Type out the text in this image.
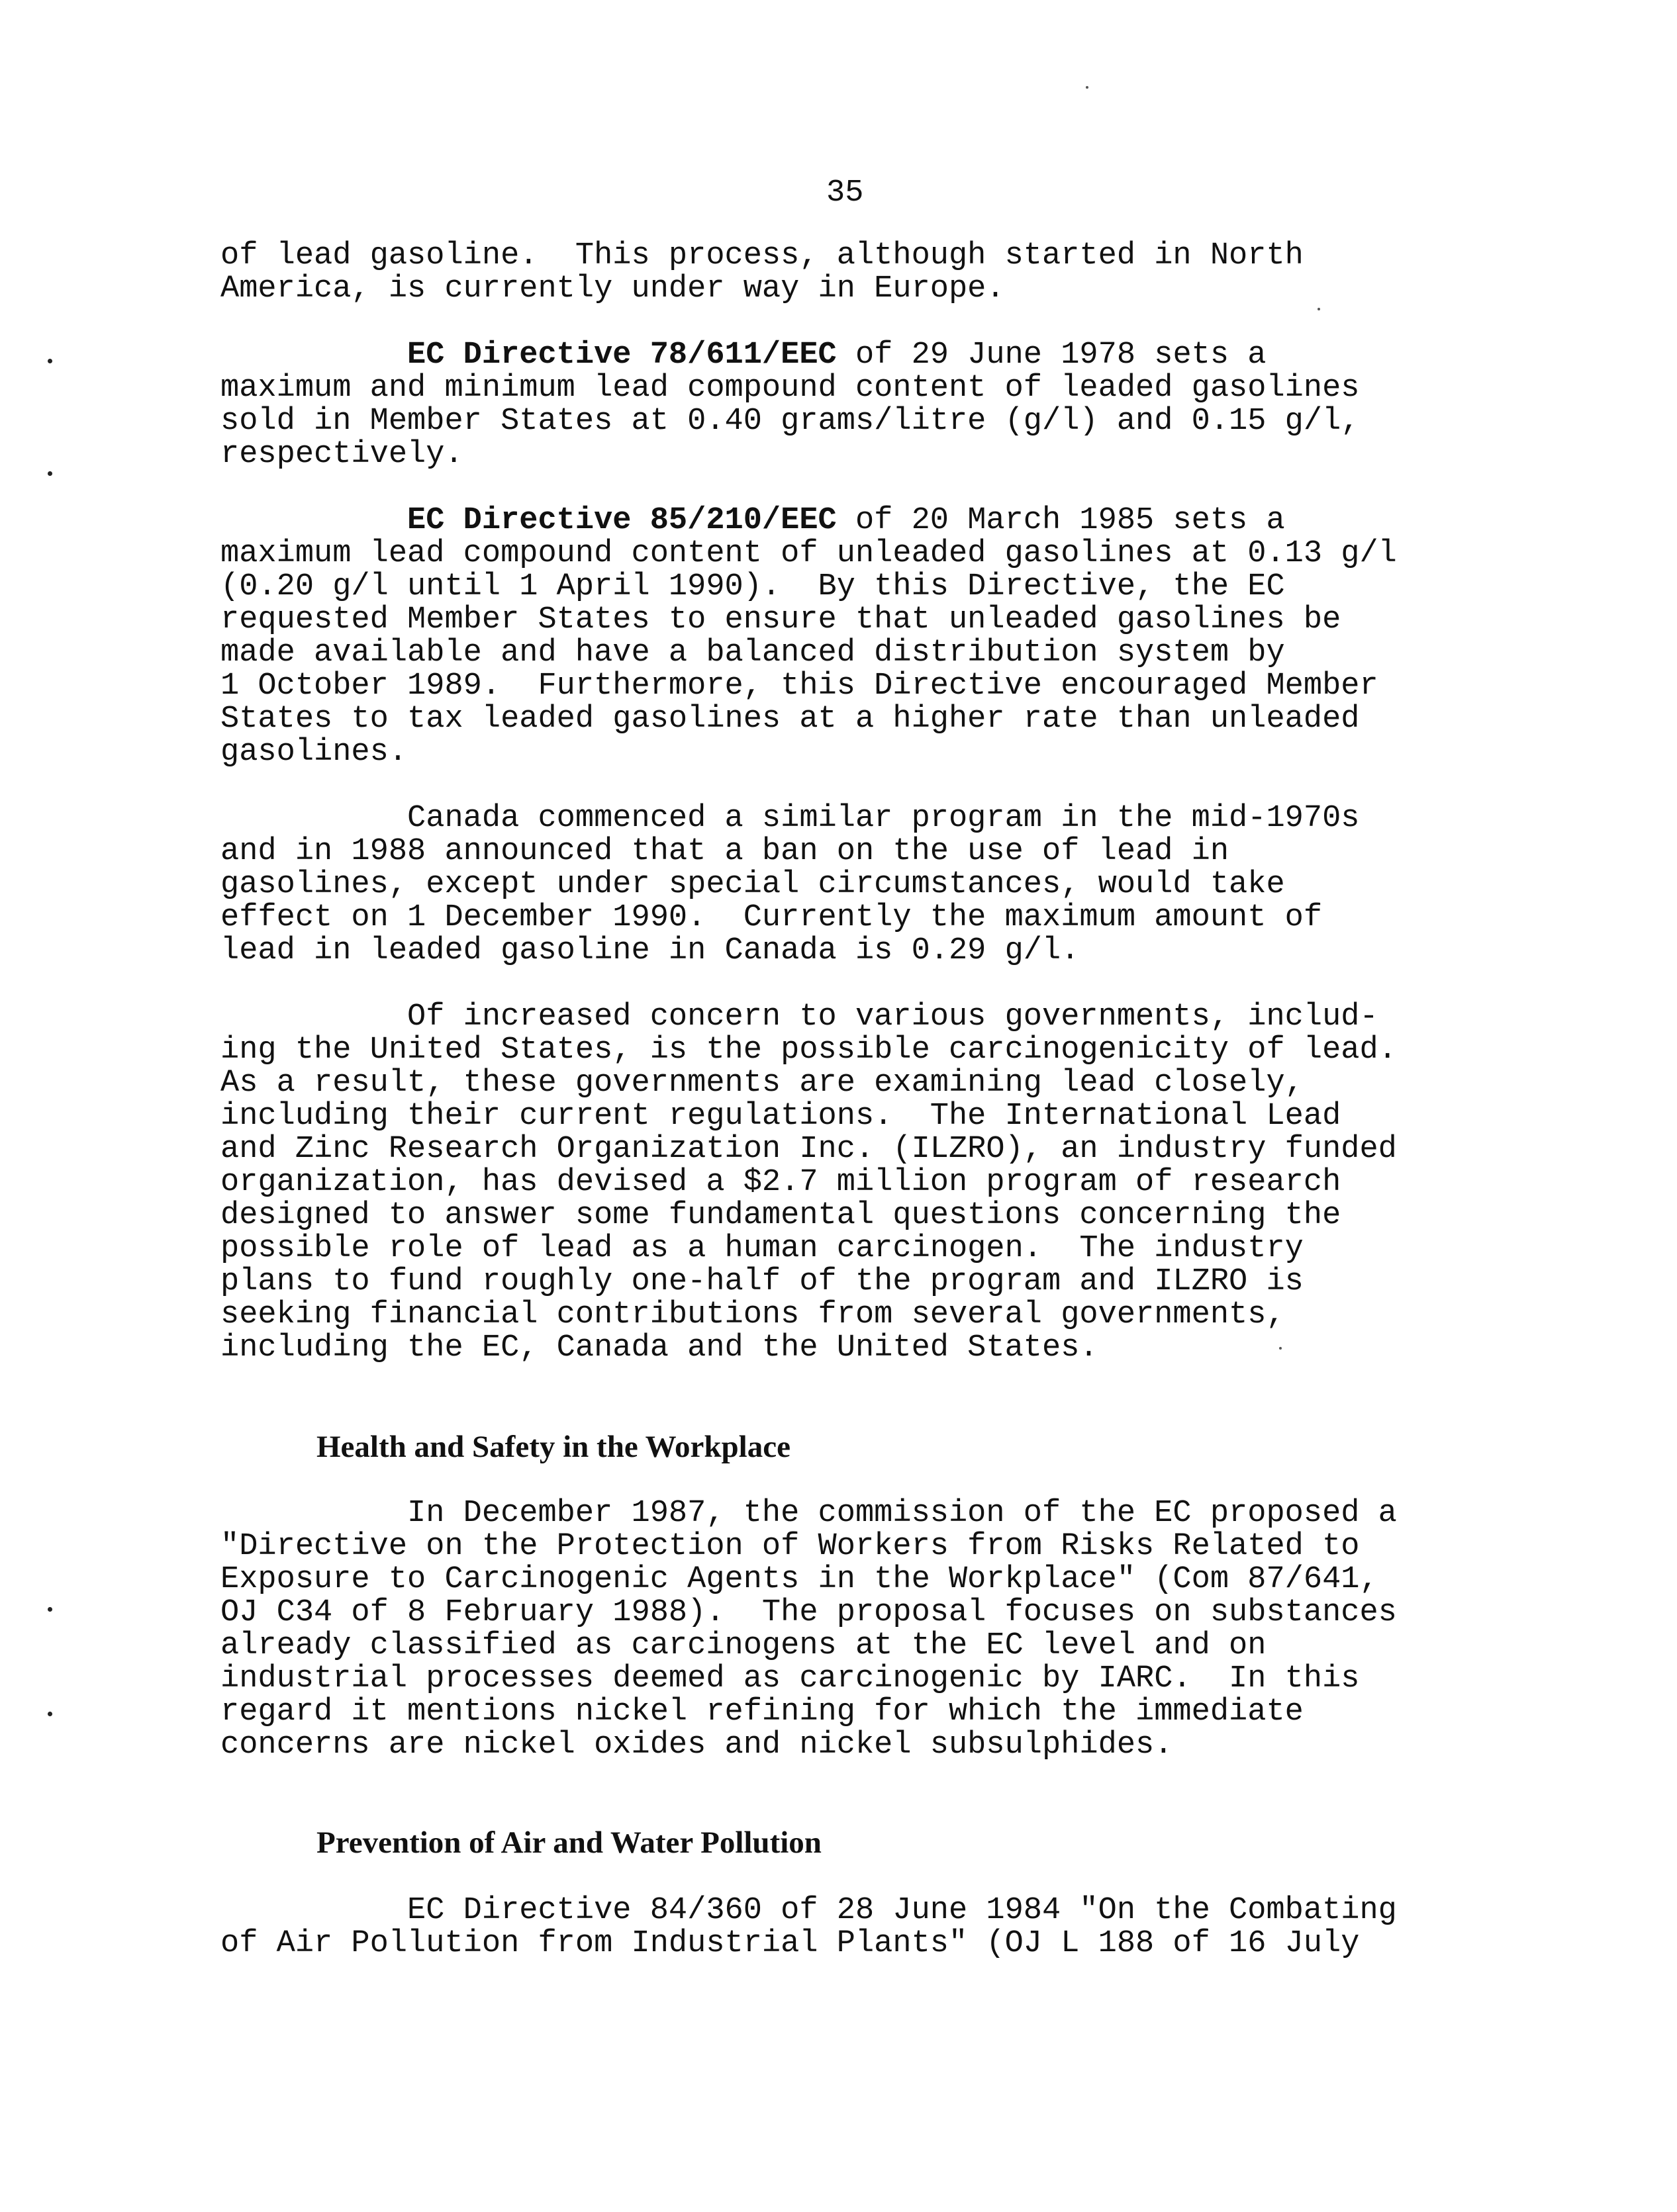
35
of lead gasoline.  This process, although started in North
America, is currently under way in Europe.
EC Directive 78/611/EEC of 29 June 1978 sets a
maximum and minimum lead compound content of leaded gasolines
sold in Member States at 0.40 grams/litre (g/l) and 0.15 g/l,
respectively.
EC Directive 85/210/EEC of 20 March 1985 sets a
maximum lead compound content of unleaded gasolines at 0.13 g/l
(0.20 g/l until 1 April 1990).  By this Directive, the EC
requested Member States to ensure that unleaded gasolines be
made available and have a balanced distribution system by
1 October 1989.  Furthermore, this Directive encouraged Member
States to tax leaded gasolines at a higher rate than unleaded
gasolines.
Canada commenced a similar program in the mid-1970s
and in 1988 announced that a ban on the use of lead in
gasolines, except under special circumstances, would take
effect on 1 December 1990.  Currently the maximum amount of
lead in leaded gasoline in Canada is 0.29 g/l.
Of increased concern to various governments, includ-
ing the United States, is the possible carcinogenicity of lead.
As a result, these governments are examining lead closely,
including their current regulations.  The International Lead
and Zinc Research Organization Inc. (ILZRO), an industry funded
organization, has devised a $2.7 million program of research
designed to answer some fundamental questions concerning the
possible role of lead as a human carcinogen.  The industry
plans to fund roughly one-half of the program and ILZRO is
seeking financial contributions from several governments,
including the EC, Canada and the United States.
Health and Safety in the Workplace
In December 1987, the commission of the EC proposed a
"Directive on the Protection of Workers from Risks Related to
Exposure to Carcinogenic Agents in the Workplace" (Com 87/641,
OJ C34 of 8 February 1988).  The proposal focuses on substances
already classified as carcinogens at the EC level and on
industrial processes deemed as carcinogenic by IARC.  In this
regard it mentions nickel refining for which the immediate
concerns are nickel oxides and nickel subsulphides.
Prevention of Air and Water Pollution
EC Directive 84/360 of 28 June 1984 "On the Combating
of Air Pollution from Industrial Plants" (OJ L 188 of 16 July
